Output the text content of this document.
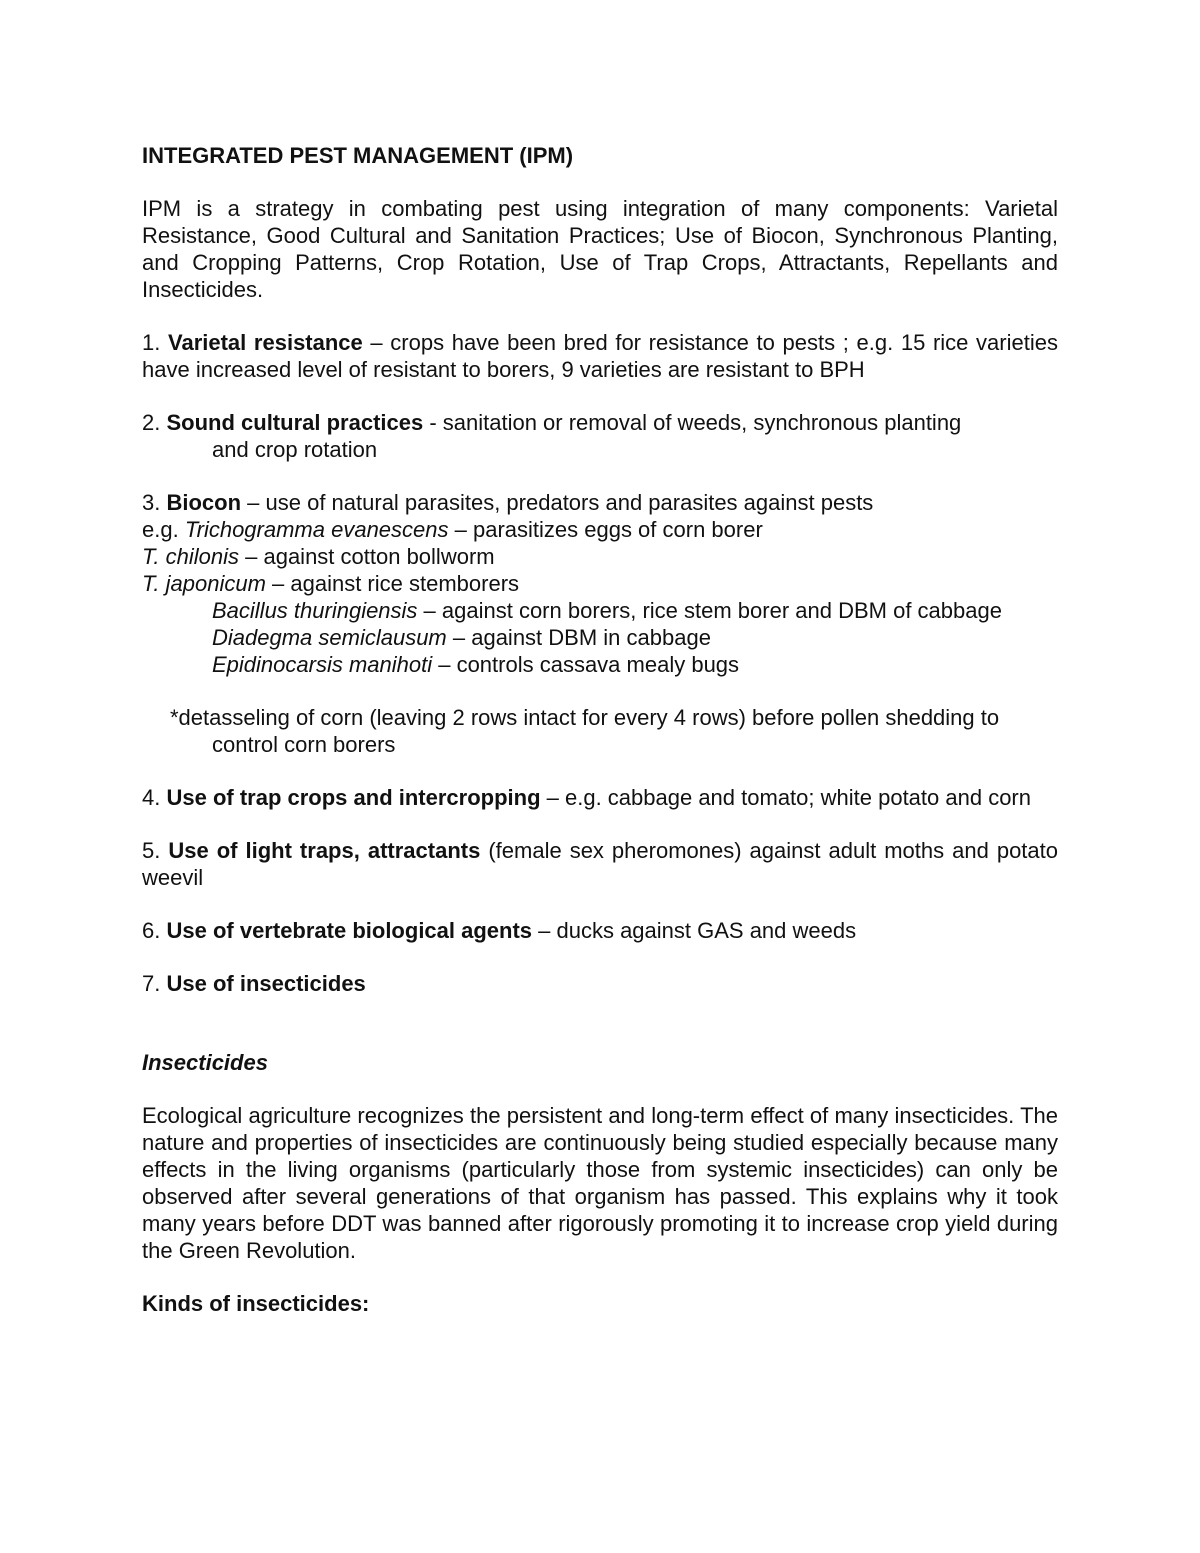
INTEGRATED PEST MANAGEMENT (IPM)

IPM is a strategy in combating pest using integration of many components: Varietal Resistance, Good Cultural and Sanitation Practices; Use of Biocon, Synchronous Planting, and Cropping Patterns, Crop Rotation, Use of Trap Crops, Attractants, Repellants and Insecticides.

1. Varietal resistance – crops have been bred for resistance to pests ; e.g. 15 rice varieties have increased level of resistant to borers, 9 varieties are resistant to BPH

2. Sound cultural practices - sanitation or removal of weeds, synchronous planting
and crop rotation
3. Biocon – use of natural parasites, predators and parasites against pests
e.g. Trichogramma evanescens – parasitizes eggs of corn borer
T. chilonis – against cotton bollworm
T. japonicum – against rice stemborers
Bacillus thuringiensis – against corn borers, rice stem borer and DBM of cabbage
Diadegma semiclausum – against DBM in cabbage
Epidinocarsis manihoti – controls cassava mealy bugs
*detasseling of corn (leaving 2 rows intact for every 4 rows) before pollen shedding to
control corn borers

4. Use of trap crops and intercropping – e.g. cabbage and tomato; white potato and corn

5. Use of light traps, attractants (female sex pheromones) against adult moths and potato weevil

6. Use of vertebrate biological agents – ducks against GAS and weeds

7. Use of insecticides

Insecticides

Ecological agriculture recognizes the persistent and long-term effect of many insecticides. The nature and properties of insecticides are continuously being studied especially because many effects in the living organisms (particularly those from systemic insecticides) can only be observed after several generations of that organism has passed. This explains why it took many years before DDT was banned after rigorously promoting it to increase crop yield during the Green Revolution.

Kinds of insecticides:
